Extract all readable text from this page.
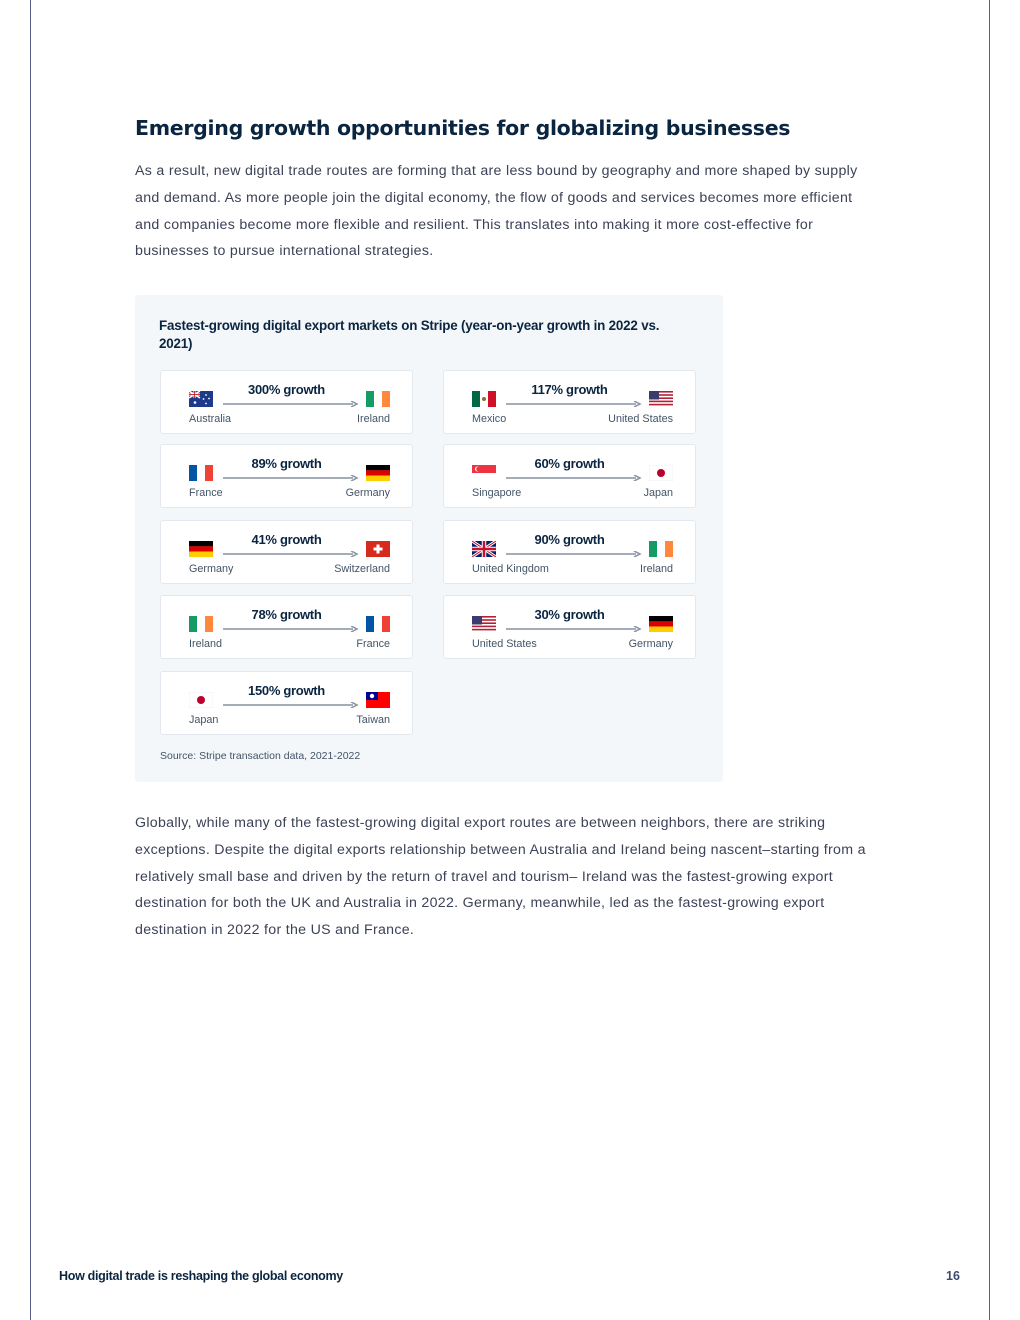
Emerging growth opportunities for globalizing businesses

As a result, new digital trade routes are forming that are less bound by geography and more shaped by supply and demand. As more people join the digital economy, the flow of goods and services becomes more efficient and companies become more flexible and resilient. This translates into making it more cost-effective for businesses to pursue international strategies.

Fastest-growing digital export markets on Stripe (year-on-year growth in 2022 vs. 2021)

300% growth
Australia	Ireland
117% growth
Mexico	United States
89% growth
France	Germany
60% growth
Singapore	Japan
41% growth
Germany	Switzerland
90% growth
United Kingdom	Ireland
78% growth
Ireland	France
30% growth
United States	Germany
150% growth
Japan	Taiwan
Source: Stripe transaction data, 2021-2022

Globally, while many of the fastest-growing digital export routes are between neighbors, there are striking exceptions. Despite the digital exports relationship between Australia and Ireland being nascent–starting from a relatively small base and driven by the return of travel and tourism– Ireland was the fastest-growing export destination for both the UK and Australia in 2022. Germany, meanwhile, led as the fastest-growing export destination in 2022 for the US and France.

How digital trade is reshaping the global economy	16
